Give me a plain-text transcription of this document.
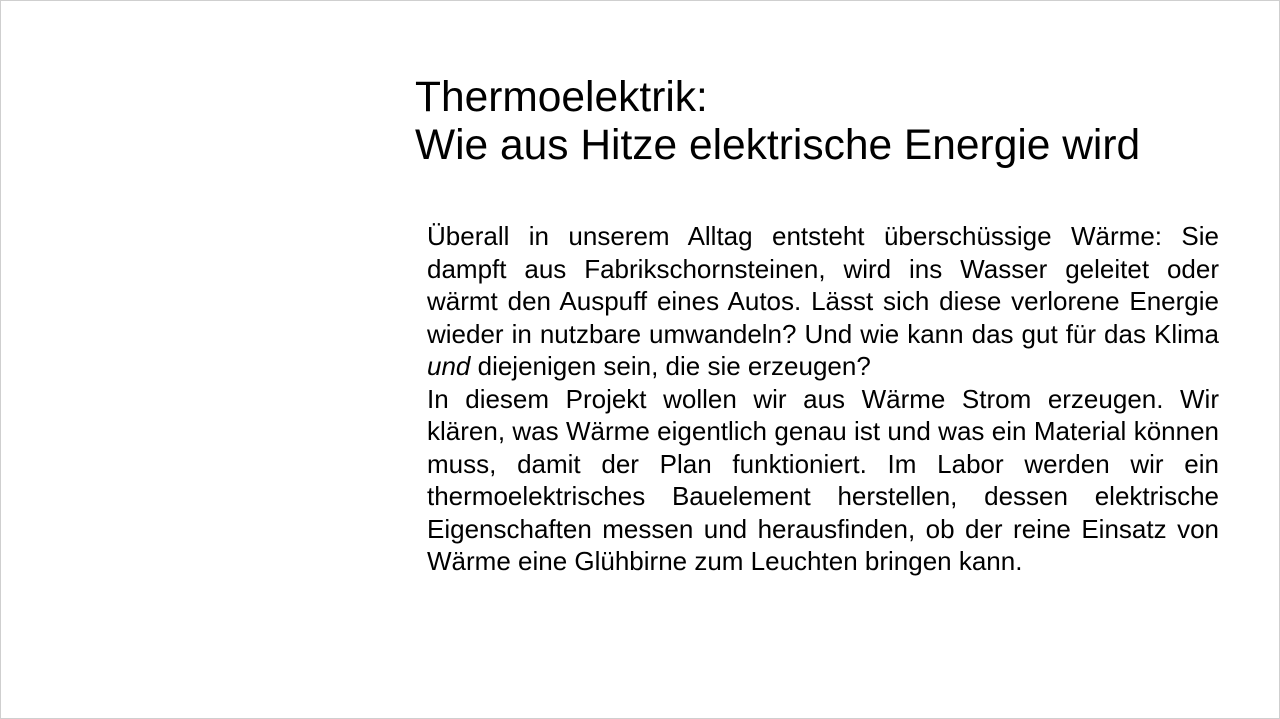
Thermoelektrik:
Wie aus Hitze elektrische Energie wird

Überall in unserem Alltag entsteht überschüssige Wärme: Sie dampft aus Fabrikschornsteinen, wird ins Wasser geleitet oder wärmt den Auspuff eines Autos. Lässt sich diese verlorene Energie wieder in nutzbare umwandeln? Und wie kann das gut für das Klima und diejenigen sein, die sie erzeugen?

In diesem Projekt wollen wir aus Wärme Strom erzeugen. Wir klären, was Wärme eigentlich genau ist und was ein Material können muss, damit der Plan funktioniert. Im Labor werden wir ein thermoelektrisches Bauelement herstellen, dessen elektrische Eigenschaften messen und herausfinden, ob der reine Einsatz von Wärme eine Glühbirne zum Leuchten bringen kann.
